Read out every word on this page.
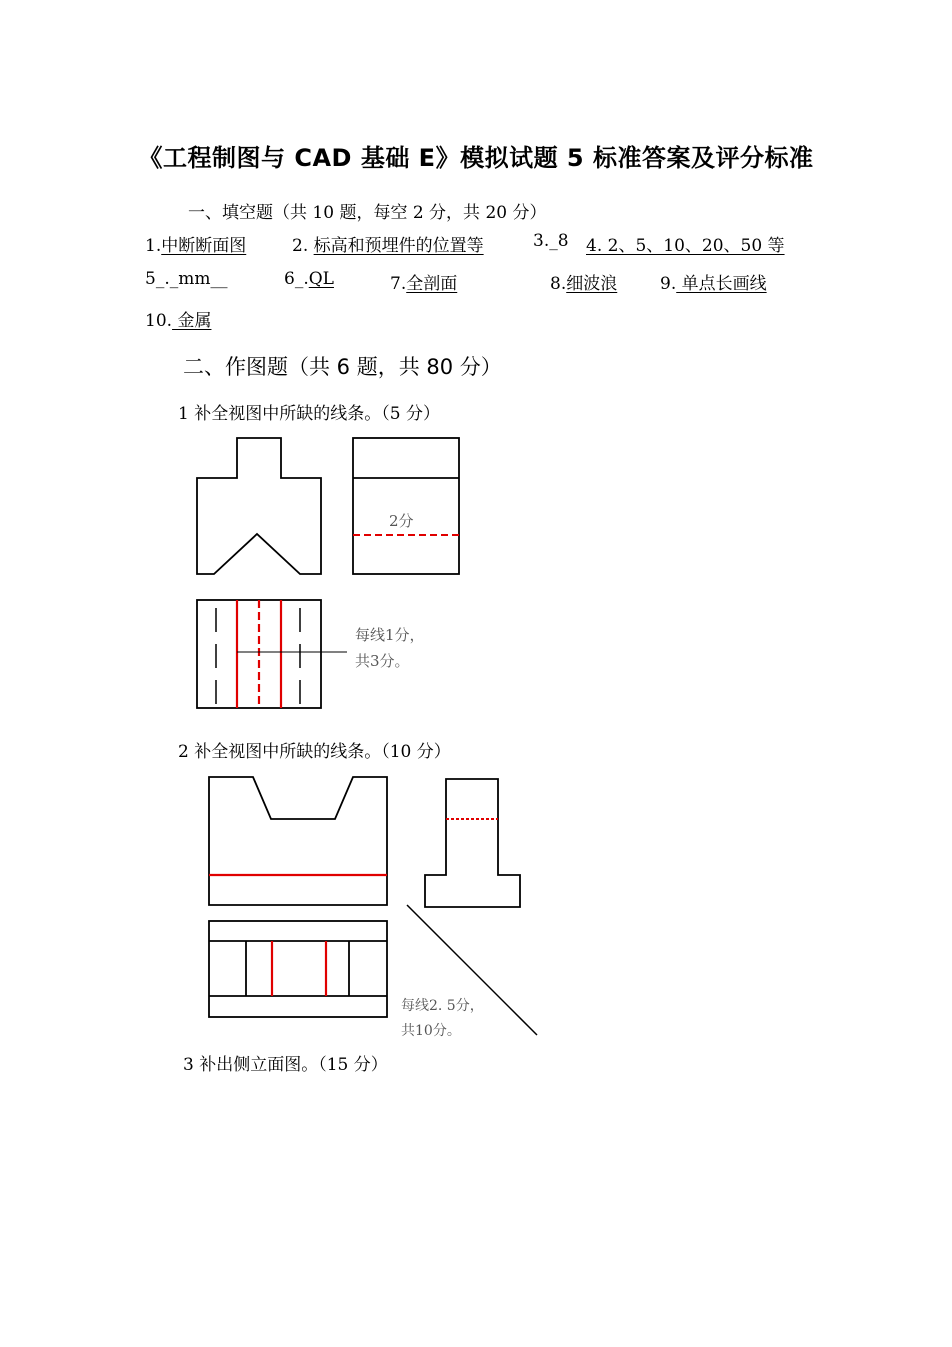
《工程制图与 CAD 基础 E》模拟试题 5 标准答案及评分标准
一、填空题（共 10 题，每空 2 分，共 20 分）
1.中断断面图	2. 标高和预埋件的位置等	3._8 4. 2、5、10、20、50 等
5_._mm__	6_.QL	7.全剖面	8.细波浪	9. 单点长画线
10. 金属
二、作图题（共 6 题，共 80 分）
1 补全视图中所缺的线条。（5 分）
2分
每线1分，
共3分。
2 补全视图中所缺的线条。（10 分）
每线2. 5分，
共10分。
3 补出侧立面图。（15 分）
